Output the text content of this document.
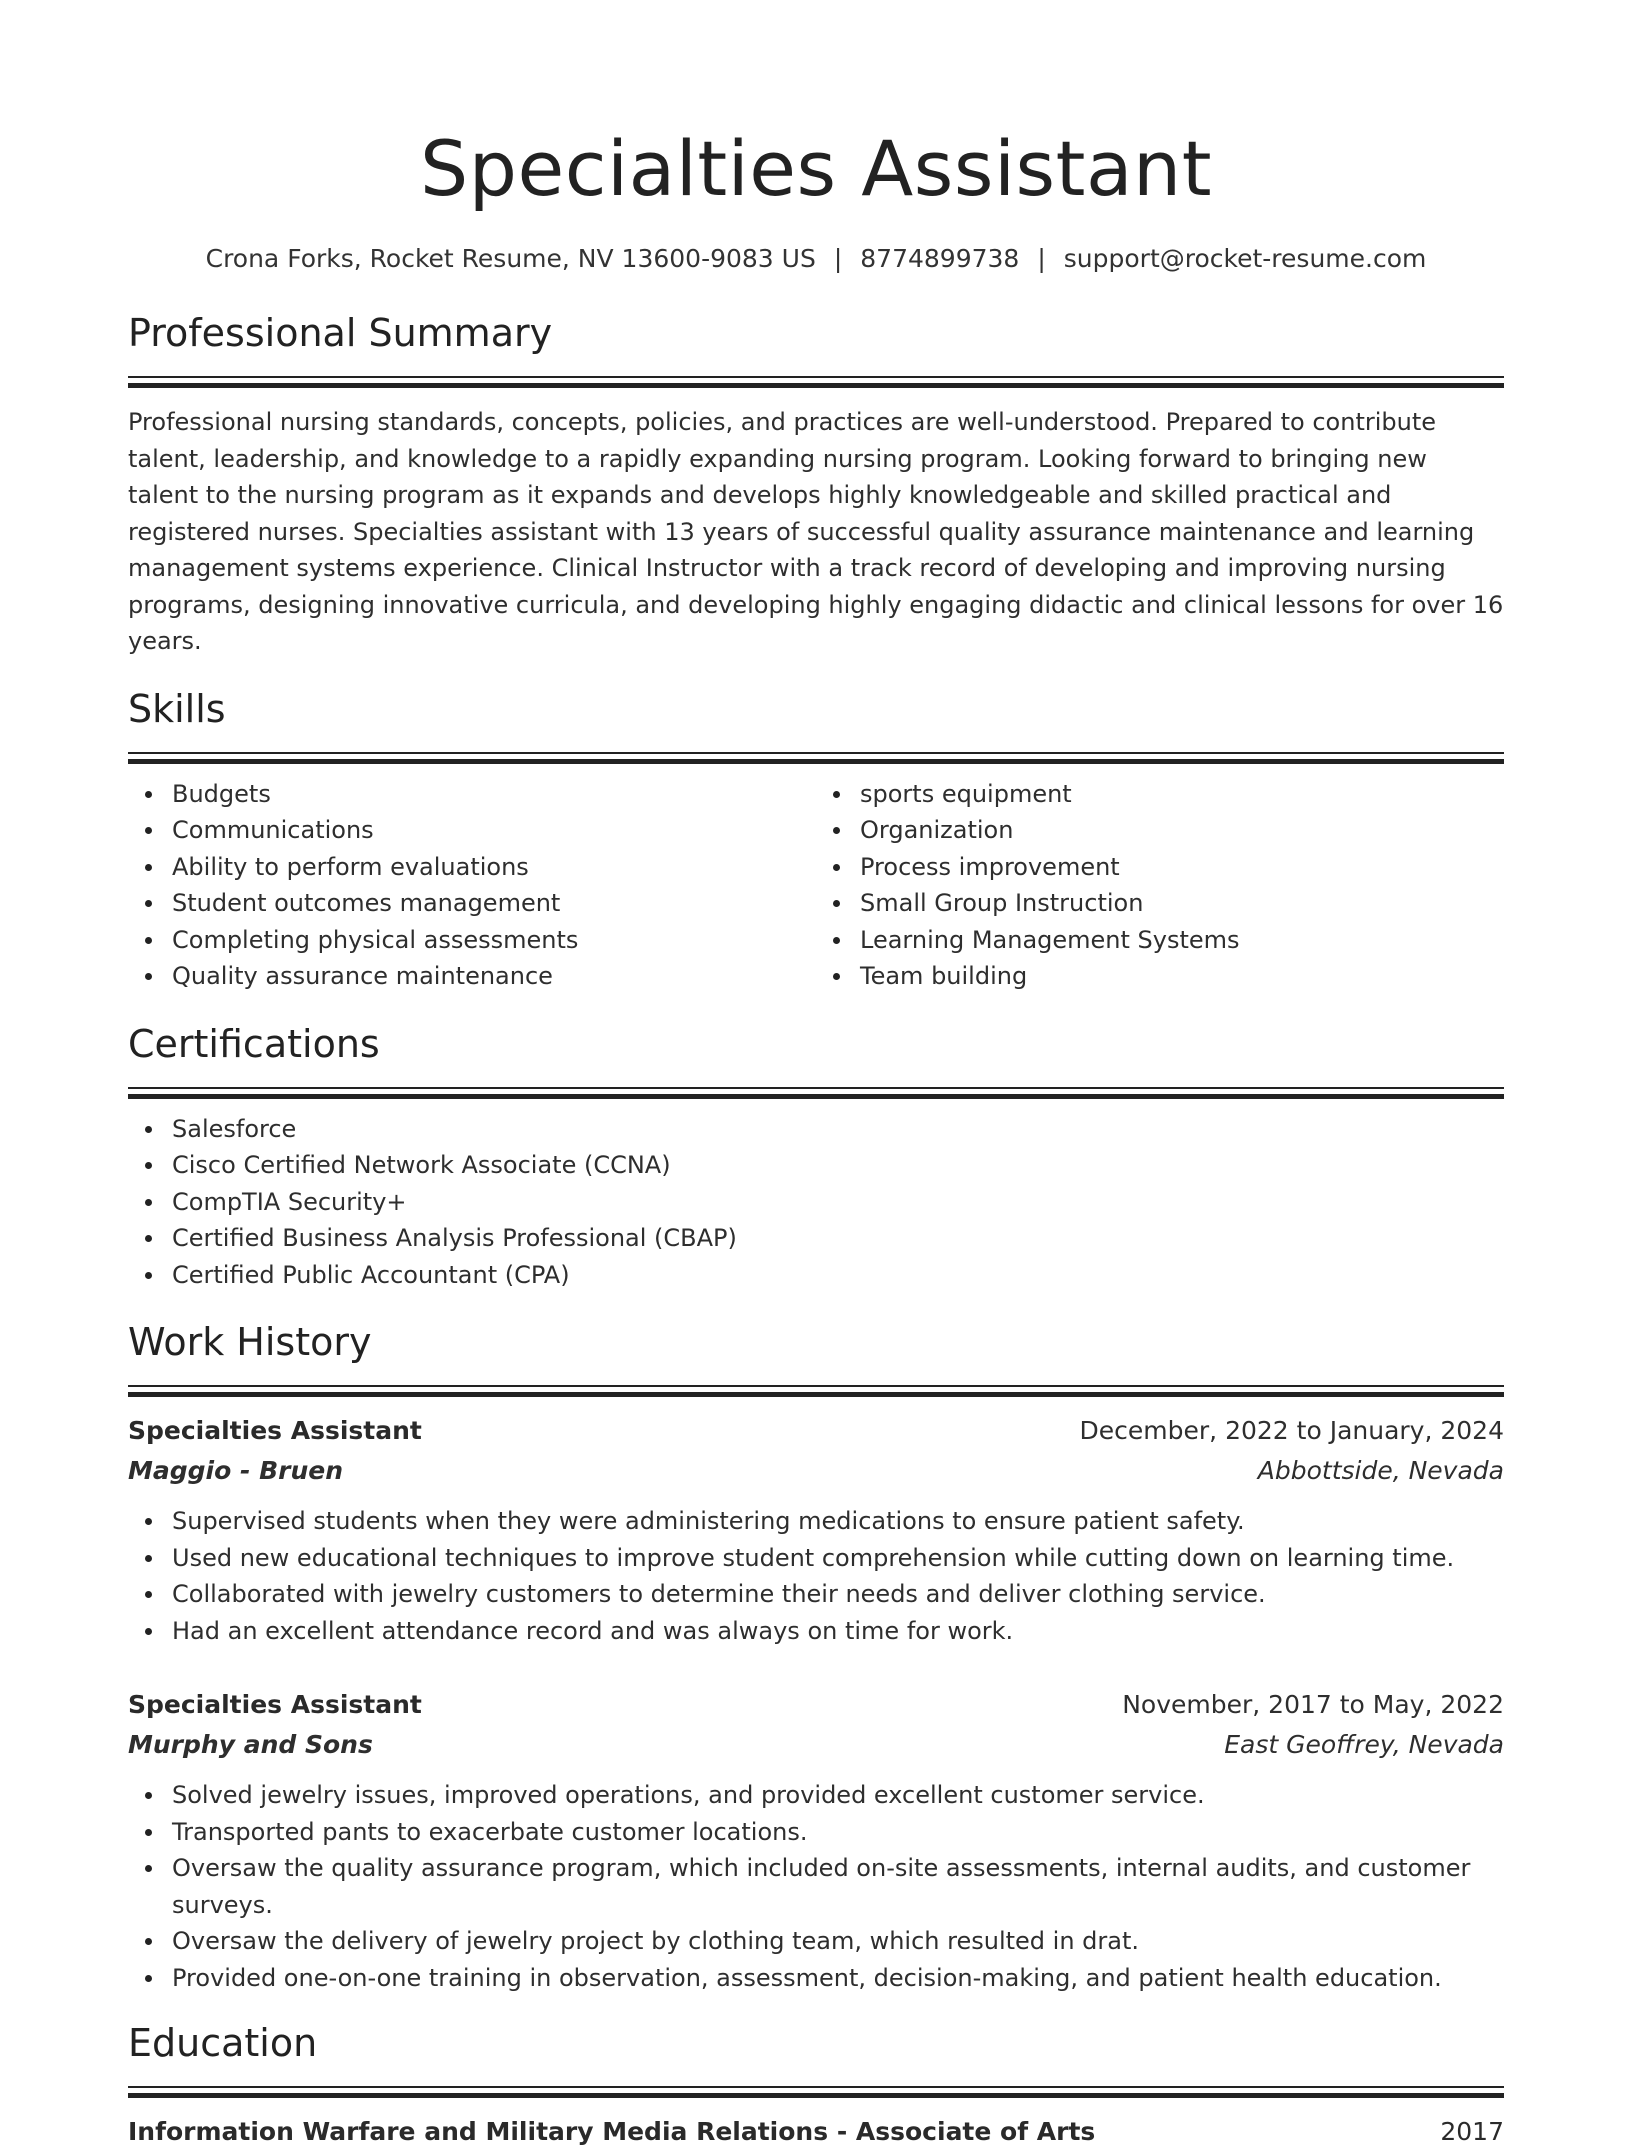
Specialties Assistant
Crona Forks, Rocket Resume, NV 13600-9083 US | 8774899738 | support@rocket-resume.com
Professional Summary
Professional nursing standards, concepts, policies, and practices are well-understood. Prepared to contribute talent, leadership, and knowledge to a rapidly expanding nursing program. Looking forward to bringing new talent to the nursing program as it expands and develops highly knowledgeable and skilled practical and registered nurses. Specialties assistant with 13 years of successful quality assurance maintenance and learning management systems experience. Clinical Instructor with a track record of developing and improving nursing programs, designing innovative curricula, and developing highly engaging didactic and clinical lessons for over 16 years.
Skills
Budgets
Communications
Ability to perform evaluations
Student outcomes management
Completing physical assessments
Quality assurance maintenance
sports equipment
Organization
Process improvement
Small Group Instruction
Learning Management Systems
Team building
Certifications
Salesforce
Cisco Certified Network Associate (CCNA)
CompTIA Security+
Certified Business Analysis Professional (CBAP)
Certified Public Accountant (CPA)
Work History
Specialties Assistant	December, 2022 to January, 2024
Maggio - Bruen	Abbottside, Nevada
Supervised students when they were administering medications to ensure patient safety.
Used new educational techniques to improve student comprehension while cutting down on learning time.
Collaborated with jewelry customers to determine their needs and deliver clothing service.
Had an excellent attendance record and was always on time for work.
Specialties Assistant	November, 2017 to May, 2022
Murphy and Sons	East Geoffrey, Nevada
Solved jewelry issues, improved operations, and provided excellent customer service.
Transported pants to exacerbate customer locations.
Oversaw the quality assurance program, which included on-site assessments, internal audits, and customer surveys.
Oversaw the delivery of jewelry project by clothing team, which resulted in drat.
Provided one-on-one training in observation, assessment, decision-making, and patient health education.
Education
Information Warfare and Military Media Relations - Associate of Arts	2017
